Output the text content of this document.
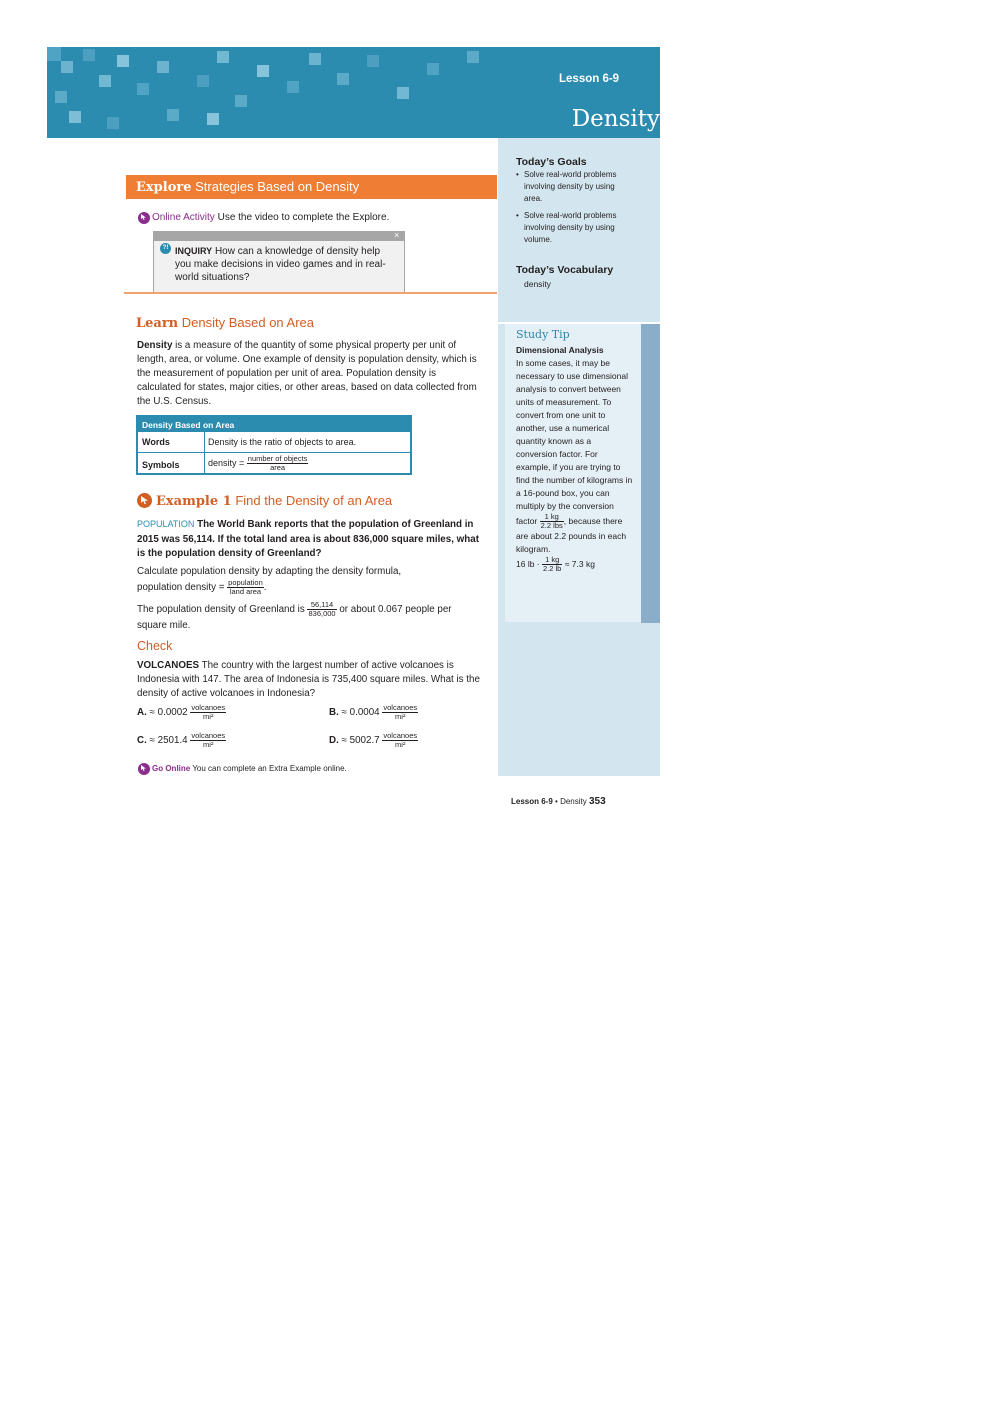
Lesson 6-9
Density
Today’s Goals
• Solve real-world problems involving density by using area.
• Solve real-world problems involving density by using volume.
Today’s Vocabulary
density
Study Tip
Dimensional Analysis
In some cases, it may be necessary to use dimensional analysis to convert between units of measurement. To convert from one unit to another, use a numerical quantity known as a conversion factor. For example, if you are trying to find the number of kilograms in a 16-pound box, you can multiply by the conversion factor $\frac{1 kg}{\text{2.2 lbs}}$ , because there are about 2.2 pounds in each kilogram.
16 lb · $\frac{1 kg}{2.2 lb} \approx 7.3$ kg
Explore Strategies Based on Density
Online Activity Use the video to complete the Explore.
×
?! INQUIRY How can a knowledge of density help you make decisions in video games and in real-world situations?
Learn Density Based on Area
Density is a measure of the quantity of some physical property per unit of length, area, or volume. One example of density is population density, which is the measurement of population per unit of area. Population density is calculated for states, major cities, or other areas, based on data collected from the U.S. Census.
Density Based on Area
Words	Density is the ratio of objects to area.
Symbols	density = $\frac{\text{number of objects}}{\text{area}}$
Example 1 Find the Density of an Area
POPULATION The World Bank reports that the population of Greenland in 2015 was 56,114. If the total land area is about 836,000 square miles, what is the population density of Greenland?
Calculate population density by adapting the density formula,
population density = $\frac{\text{population}}{\text{land area}}$ .
The population density of Greenland is $\frac{56,114}{836,000}$ or about 0.067 people per square mile.
Check
VOLCANOES The country with the largest number of active volcanoes is Indonesia with 147. The area of Indonesia is 735,400 square miles. What is the density of active volcanoes in Indonesia?
A. ≈ $0.0002 \frac{\text{volcanoes}}{\text{mi²}}$	B. ≈ $0.0004 \frac{\text{volcanoes}}{\text{mi²}}$
C. ≈ $2501.4 \frac{\text{volcanoes}}{\text{mi²}}$	D. ≈ $5002.7 \frac{\text{volcanoes}}{\text{mi²}}$
Go Online You can complete an Extra Example online.
Lesson 6-9 • Density 353
